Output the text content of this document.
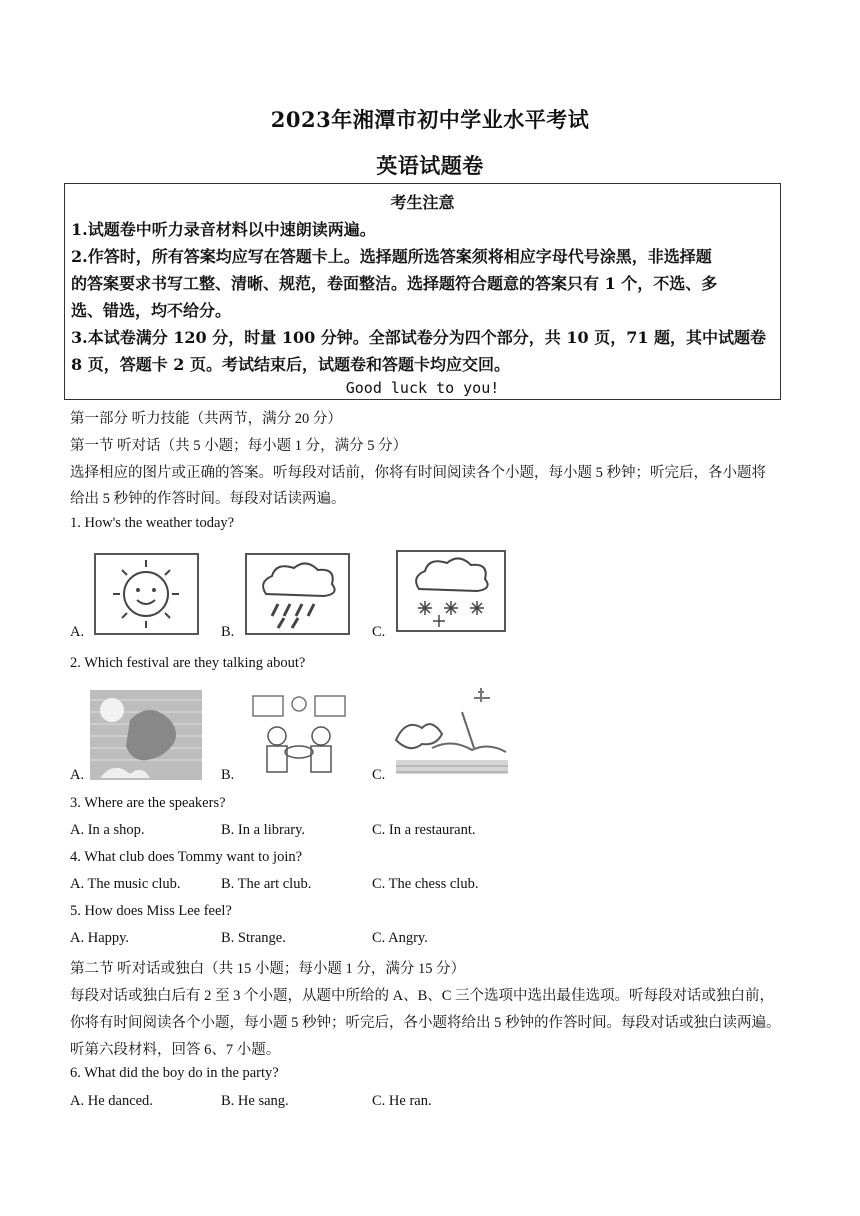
2023年湘潭市初中学业水平考试
英语试题卷
考生注意
1.试题卷中听力录音材料以中速朗读两遍。
2.作答时，所有答案均应写在答题卡上。选择题所选答案须将相应字母代号涂黑，非选择题
的答案要求书写工整、清晰、规范，卷面整洁。选择题符合题意的答案只有 1 个，不选、多
选、错选，均不给分。
3.本试卷满分 120 分，时量 100 分钟。全部试卷分为四个部分，共 10 页，71 题，其中试题卷
8 页，答题卡 2 页。考试结束后，试题卷和答题卡均应交回。
Good luck to you!
第一部分 听力技能（共两节，满分 20 分）
第一节 听对话（共 5 小题；每小题 1 分，满分 5 分）
选择相应的图片或正确的答案。听每段对话前，你将有时间阅读各个小题，每小题 5 秒钟；听完后，各小题将
给出 5 秒钟的作答时间。每段对话读两遍。
1. How's the weather today?
A.	B.	C.
2. Which festival are they talking about?
A.	B.	C.
3. Where are the speakers?
A. In a shop.	B. In a library.	C. In a restaurant.
4. What club does Tommy want to join?
A. The music club.	B. The art club.	C. The chess club.
5. How does Miss Lee feel?
A. Happy.	B. Strange.	C. Angry.
第二节 听对话或独白（共 15 小题；每小题 1 分，满分 15 分）
每段对话或独白后有 2 至 3 个小题，从题中所给的 A、B、C 三个选项中选出最佳选项。听每段对话或独白前，
你将有时间阅读各个小题，每小题 5 秒钟；听完后，各小题将给出 5 秒钟的作答时间。每段对话或独白读两遍。
听第六段材料，回答 6、7 小题。
6. What did the boy do in the party?
A. He danced.	B. He sang.	C. He ran.
